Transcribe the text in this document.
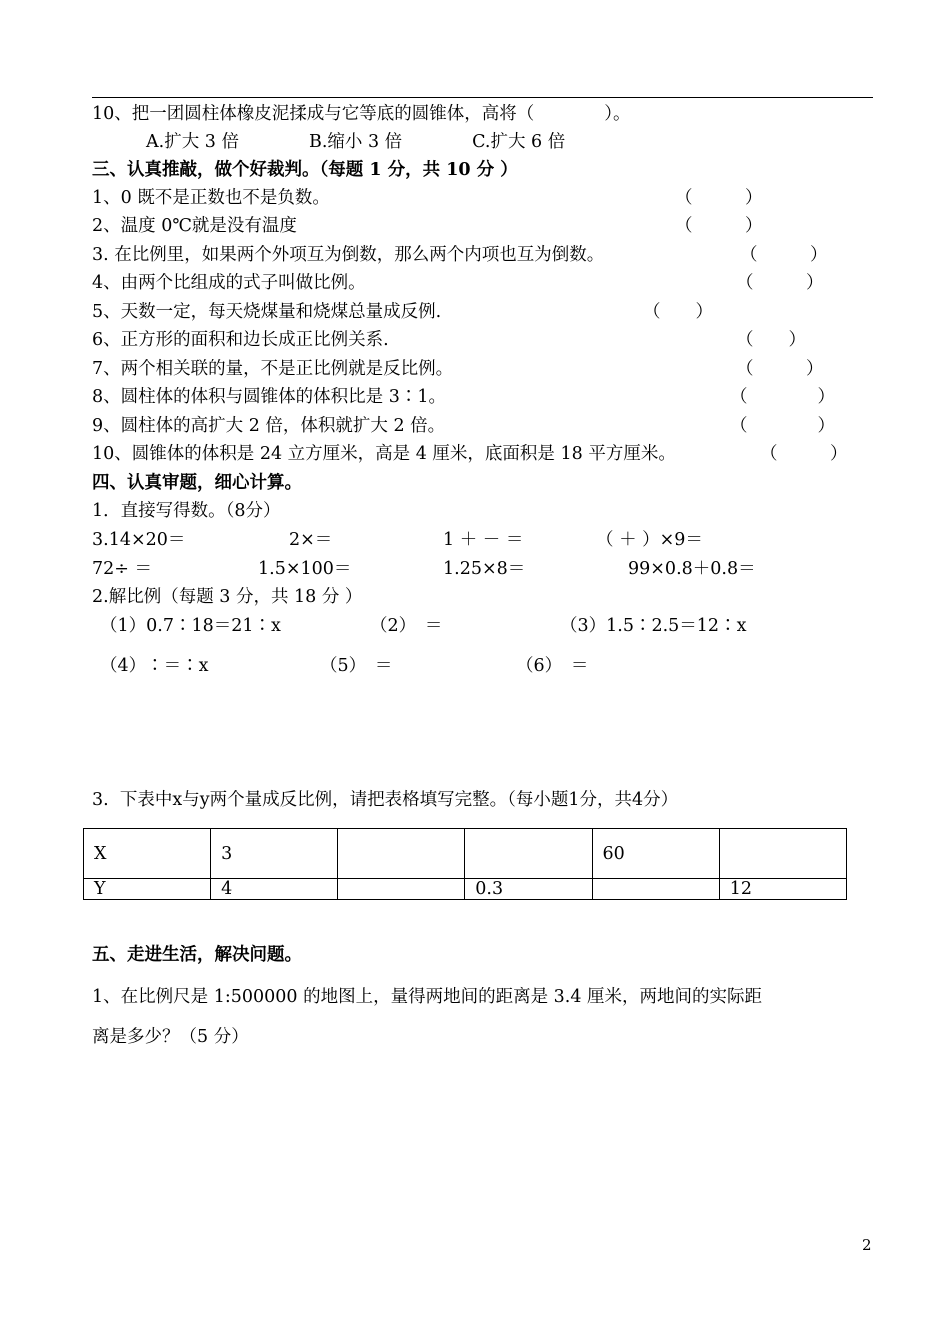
10、把一团圆柱体橡皮泥揉成与它等底的圆锥体，高将（　　　　）。
A.扩大 3 倍　　　　B.缩小 3 倍　　　　C.扩大 6 倍
三、认真推敲，做个好裁判。（每题 1 分，共 10 分 ）
1、0 既不是正数也不是负数。	（　　　）
2、温度 0℃就是没有温度	（　　　）
3. 在比例里，如果两个外项互为倒数，那么两个内项也互为倒数。	（　　　）
4、由两个比组成的式子叫做比例。	（　　　）
5、天数一定，每天烧煤量和烧煤总量成反例.	（　　）
6、正方形的面积和边长成正比例关系.	（　　）
7、两个相关联的量，不是正比例就是反比例。	（　　　）
8、圆柱体的体积与圆锥体的体积比是 3∶1。	（　　　　）
9、圆柱体的高扩大 2 倍，体积就扩大 2 倍。	（　　　　）
10、圆锥体的体积是 24 立方厘米，高是 4 厘米，底面积是 18 平方厘米。	（　　　）
四、认真审题，细心计算。
1．直接写得数。（8分）
3.14×20＝	2×＝	1 ＋ － ＝	（ ＋ ）×9＝
72÷ ＝	1.5×100＝	1.25×8＝	99×0.8＋0.8＝
2.解比例（每题 3 分，共 18 分 ）
（1）0.7∶18＝21∶x	（2）　＝	（3）1.5∶2.5＝12∶x
（4）∶＝∶x	（5）　＝	（6）　＝
3.  下表中x与y两个量成反比例，请把表格填写完整。（每小题1分，共4分）
X	3			60	
Y	4		0.3		12
五、走进生活，解决问题。
1、在比例尺是 1:500000 的地图上，量得两地间的距离是 3.4 厘米，两地间的实际距
离是多少？（5 分）
2
